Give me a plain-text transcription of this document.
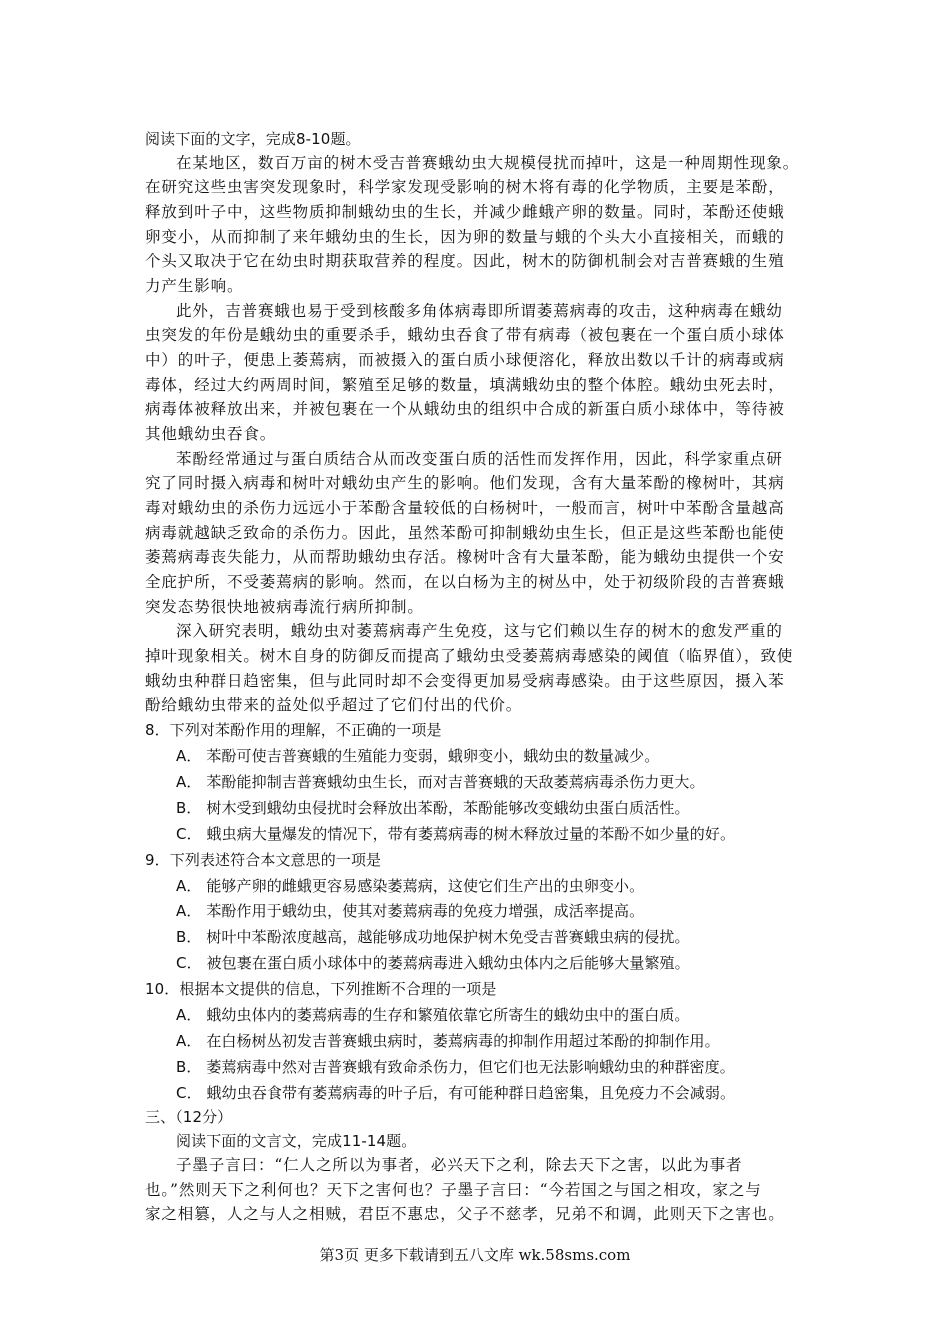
阅读下面的文字，完成8-10题。
在某地区，数百万亩的树木受吉普赛蛾幼虫大规模侵扰而掉叶，这是一种周期性现象。
在研究这些虫害突发现象时，科学家发现受影响的树木将有毒的化学物质，主要是苯酚，
释放到叶子中，这些物质抑制蛾幼虫的生长，并减少雌蛾产卵的数量。同时，苯酚还使蛾
卵变小，从而抑制了来年蛾幼虫的生长，因为卵的数量与蛾的个头大小直接相关，而蛾的
个头又取决于它在幼虫时期获取营养的程度。因此，树木的防御机制会对吉普赛蛾的生殖
力产生影响。
此外，吉普赛蛾也易于受到核酸多角体病毒即所谓萎蔫病毒的攻击，这种病毒在蛾幼
虫突发的年份是蛾幼虫的重要杀手，蛾幼虫吞食了带有病毒（被包裹在一个蛋白质小球体
中）的叶子，便患上萎蔫病，而被摄入的蛋白质小球便溶化，释放出数以千计的病毒或病
毒体，经过大约两周时间，繁殖至足够的数量，填满蛾幼虫的整个体腔。蛾幼虫死去时，
病毒体被释放出来，并被包裹在一个从蛾幼虫的组织中合成的新蛋白质小球体中，等待被
其他蛾幼虫吞食。
苯酚经常通过与蛋白质结合从而改变蛋白质的活性而发挥作用，因此，科学家重点研
究了同时摄入病毒和树叶对蛾幼虫产生的影响。他们发现，含有大量苯酚的橡树叶，其病
毒对蛾幼虫的杀伤力远远小于苯酚含量较低的白杨树叶，一般而言，树叶中苯酚含量越高
病毒就越缺乏致命的杀伤力。因此，虽然苯酚可抑制蛾幼虫生长，但正是这些苯酚也能使
萎蔫病毒丧失能力，从而帮助蛾幼虫存活。橡树叶含有大量苯酚，能为蛾幼虫提供一个安
全庇护所，不受萎蔫病的影响。然而，在以白杨为主的树丛中，处于初级阶段的吉普赛蛾
突发态势很快地被病毒流行病所抑制。
深入研究表明，蛾幼虫对萎蔫病毒产生免疫，这与它们赖以生存的树木的愈发严重的
掉叶现象相关。树木自身的防御反而提高了蛾幼虫受萎蔫病毒感染的阈值（临界值），致使
蛾幼虫种群日趋密集，但与此同时却不会变得更加易受病毒感染。由于这些原因，摄入苯
酚给蛾幼虫带来的益处似乎超过了它们付出的代价。
8．下列对苯酚作用的理解，不正确的一项是
A． 苯酚可使吉普赛蛾的生殖能力变弱，蛾卵变小，蛾幼虫的数量减少。
A． 苯酚能抑制吉普赛蛾幼虫生长，而对吉普赛蛾的天敌萎蔫病毒杀伤力更大。
B． 树木受到蛾幼虫侵扰时会释放出苯酚，苯酚能够改变蛾幼虫蛋白质活性。
C． 蛾虫病大量爆发的情况下，带有萎蔫病毒的树木释放过量的苯酚不如少量的好。
9．下列表述符合本文意思的一项是
A． 能够产卵的雌蛾更容易感染萎蔫病，这使它们生产出的虫卵变小。
A． 苯酚作用于蛾幼虫，使其对萎蔫病毒的免疫力增强，成活率提高。
B． 树叶中苯酚浓度越高，越能够成功地保护树木免受吉普赛蛾虫病的侵扰。
C． 被包裹在蛋白质小球体中的萎蔫病毒进入蛾幼虫体内之后能够大量繁殖。
10．根据本文提供的信息，下列推断不合理的一项是
A． 蛾幼虫体内的萎蔫病毒的生存和繁殖依靠它所寄生的蛾幼虫中的蛋白质。
A． 在白杨树丛初发吉普赛蛾虫病时，萎蔫病毒的抑制作用超过苯酚的抑制作用。
B． 萎蔫病毒中然对吉普赛蛾有致命杀伤力，但它们也无法影响蛾幼虫的种群密度。
C． 蛾幼虫吞食带有萎蔫病毒的叶子后，有可能种群日趋密集，且免疫力不会减弱。
三、（12分）
阅读下面的文言文，完成11-14题。
子墨子言曰：“仁人之所以为事者，必兴天下之利，除去天下之害，以此为事者
也。”然则天下之利何也？天下之害何也？子墨子言曰：“今若国之与国之相攻，家之与
家之相篡，人之与人之相贼，君臣不惠忠，父子不慈孝，兄弟不和调，此则天下之害也。
第3页 更多下载请到五八文库 wk.58sms.com
